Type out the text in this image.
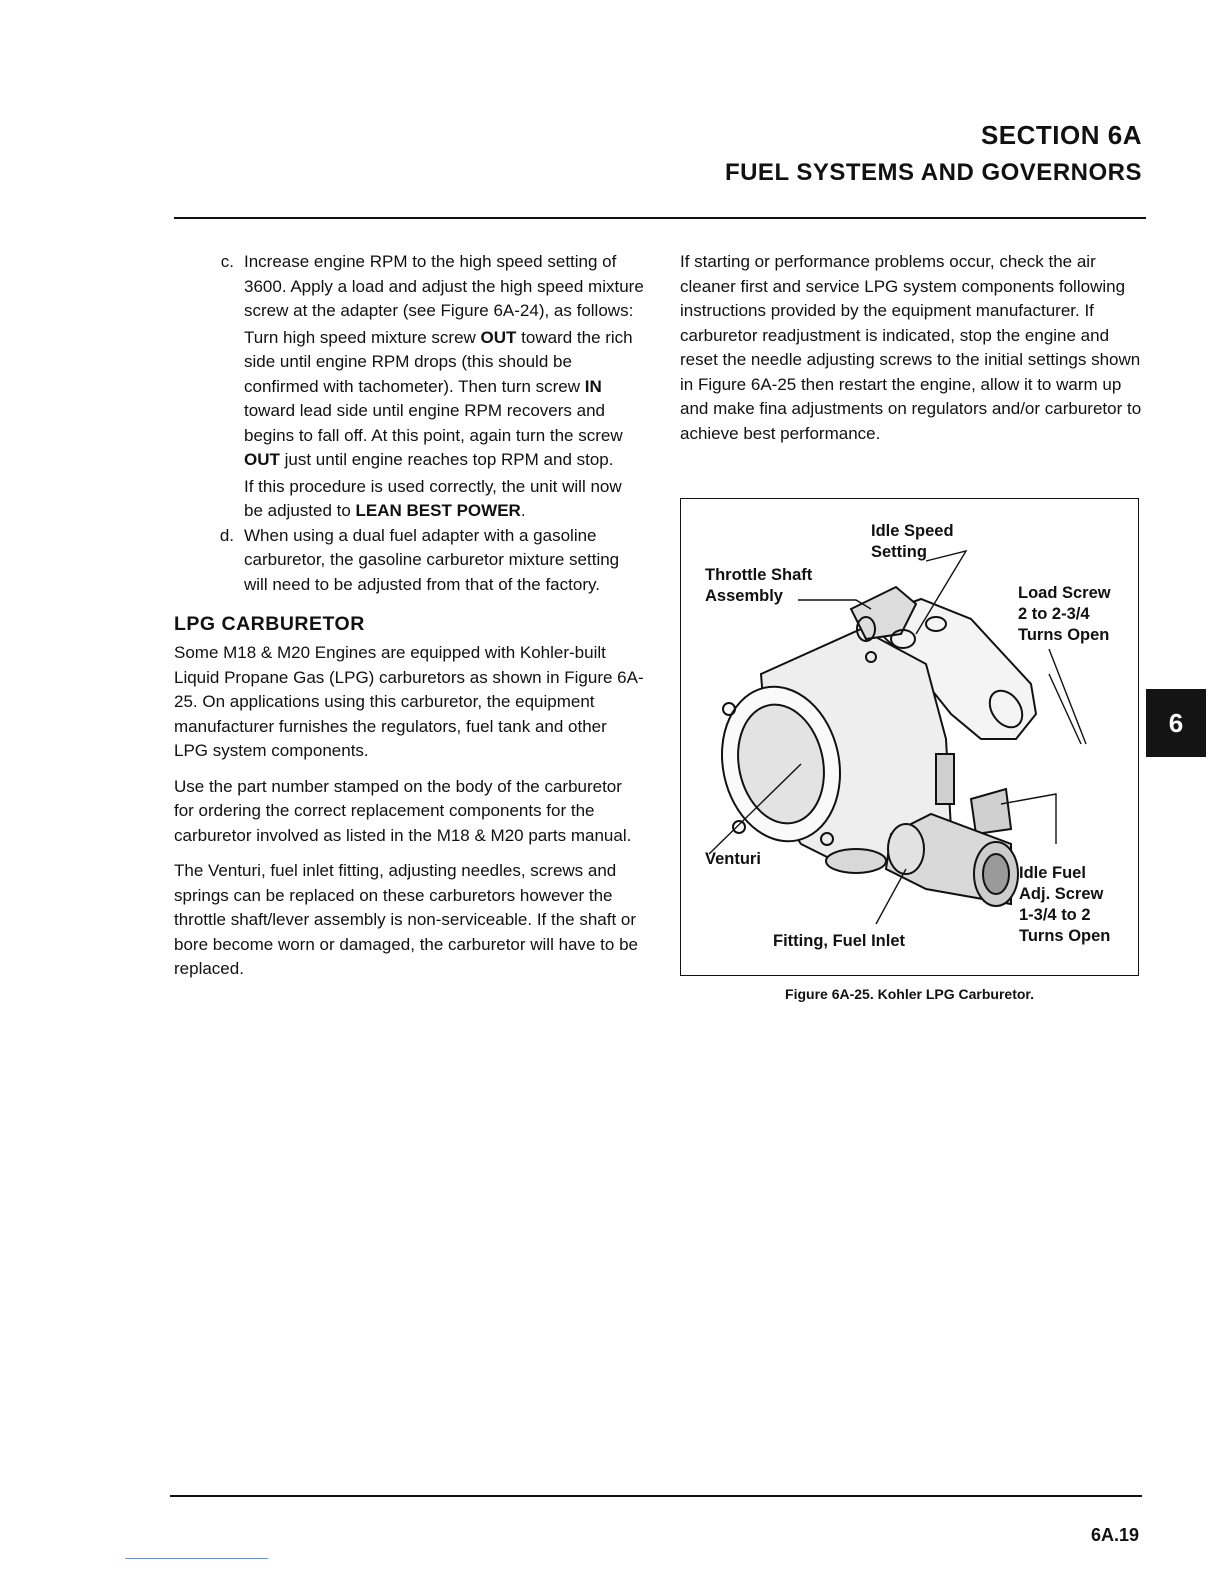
SECTION 6A
FUEL SYSTEMS AND GOVERNORS
6
c. Increase engine RPM to the high speed setting of 3600. Apply a load and adjust the high speed mixture screw at the adapter (see Figure 6A-24), as follows:
Turn high speed mixture screw OUT toward the rich side until engine RPM drops (this should be confirmed with tachometer). Then turn screw IN toward lead side until engine RPM recovers and begins to fall off. At this point, again turn the screw OUT just until engine reaches top RPM and stop.
If this procedure is used correctly, the unit will now be adjusted to LEAN BEST POWER.
d. When using a dual fuel adapter with a gasoline carburetor, the gasoline carburetor mixture setting will need to be adjusted from that of the factory.
LPG CARBURETOR

Some M18 & M20 Engines are equipped with Kohler-built Liquid Propane Gas (LPG) carburetors as shown in Figure 6A-25. On applications using this carburetor, the equipment manufacturer furnishes the regulators, fuel tank and other LPG system components.

Use the part number stamped on the body of the carburetor for ordering the correct replacement components for the carburetor involved as listed in the M18 & M20 parts manual.

The Venturi, fuel inlet fitting, adjusting needles, screws and springs can be replaced on these carburetors however the throttle shaft/lever assembly is non-serviceable. If the shaft or bore become worn or damaged, the carburetor will have to be replaced.

If starting or performance problems occur, check the air cleaner first and service LPG system components following instructions provided by the equipment manufacturer. If carburetor readjustment is indicated, stop the engine and reset the needle adjusting screws to the initial settings shown in Figure 6A-25 then restart the engine, allow it to warm up and make fina adjustments on regulators and/or carburetor to achieve best performance.

Idle Speed
Setting
Throttle Shaft
Assembly	Load Screw
2 to 2-3/4
Turns Open
Venturi
Idle Fuel
Adj. Screw
1-3/4 to 2
Turns Open
Fitting, Fuel Inlet
Figure 6A-25. Kohler LPG Carburetor.
6A.19
